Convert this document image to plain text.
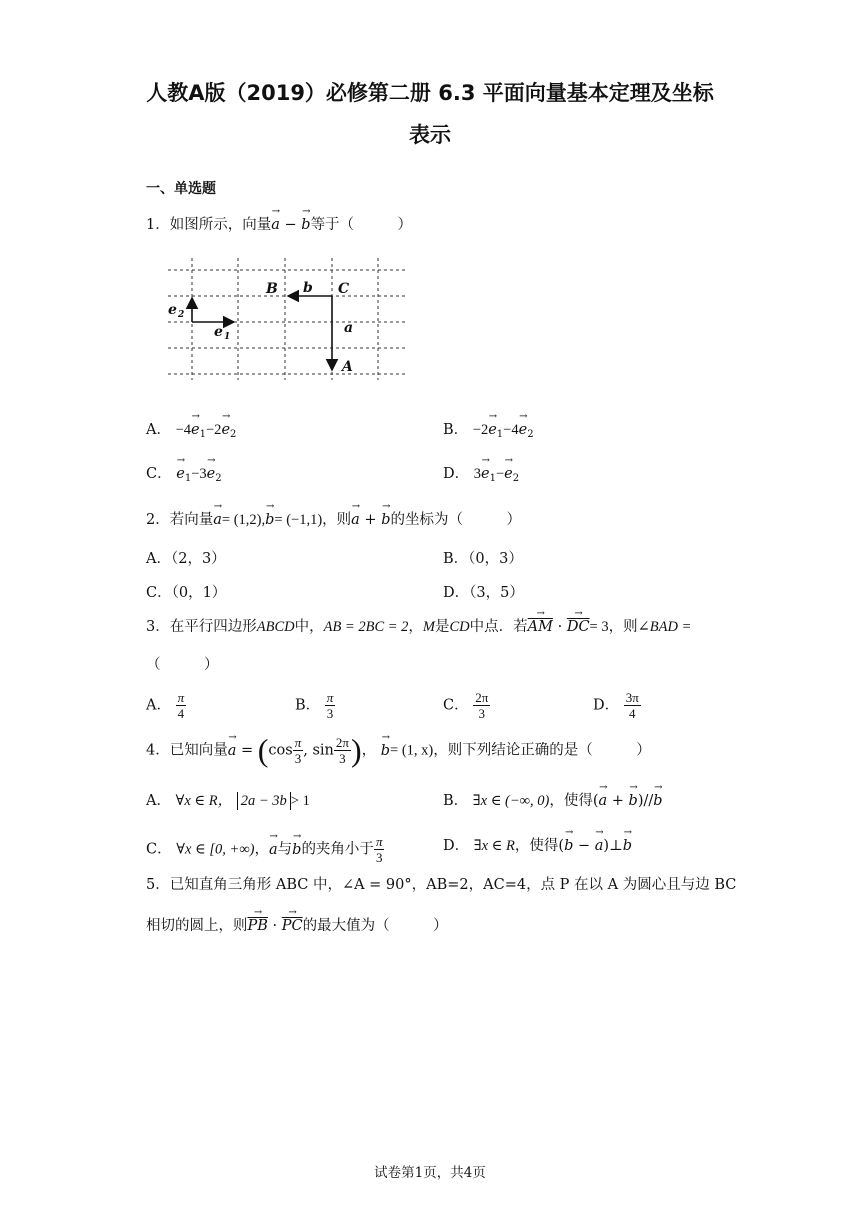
人教A版（2019）必修第二册 6.3 平面向量基本定理及坐标
表示
一、单选题
1．如图所示，向量→ a − → b等于（　　　）
B b C
a
A
e 2
e 1
A． $-4\to e_1-2\to e_2$	B． $-2\to e_1-4\to e_2$
C． → $e_1-3\to e_2$	D． $3\to e_1-\to e_2$
2．若向量→ a= (1,2),→ b= (−1,1)，则→ a + → b的坐标为（　　　）
A．（2，3）	B．（0，3）
C．（0，1）	D．（3，5）
3．在平行四边形ABCD中，AB = 2BC = 2，M是CD中点．若→ $\overline{AM}$ · → $\overline{DC}= 3$，则∠BAD =
（　　　）
A． $\frac{\pi}{4}$	B． $\frac{\pi}{3}$	C． $\frac{2\pi}{3}$	D． $\frac{3\pi}{4}$
4．已知向量→ $a = (\cos \frac{\pi}{3}$ , $\sin \frac{2\pi}{3}$ )， → b= (1, x)，则下列结论正确的是（　　　）
A． ∀x ∈ R， 2a − 3b > 1	B． ∃x ∈ (−∞, 0)，使得(→ a + → b)//→ b
C． ∀x ∈ [0, +∞)，→ a与→ b的夹角小于 $\frac{\pi}{3}$	D． ∃x ∈ R，使得(→ b − → a)⊥→ b
5．已知直角三角形 ABC 中，∠A = 90°，AB=2，AC=4，点 P 在以 A 为圆心且与边 BC
相切的圆上，则→ $\overline{PB}$ · → $\overline{PC}$的最大值为（　　　）
试卷第1页，共4页
